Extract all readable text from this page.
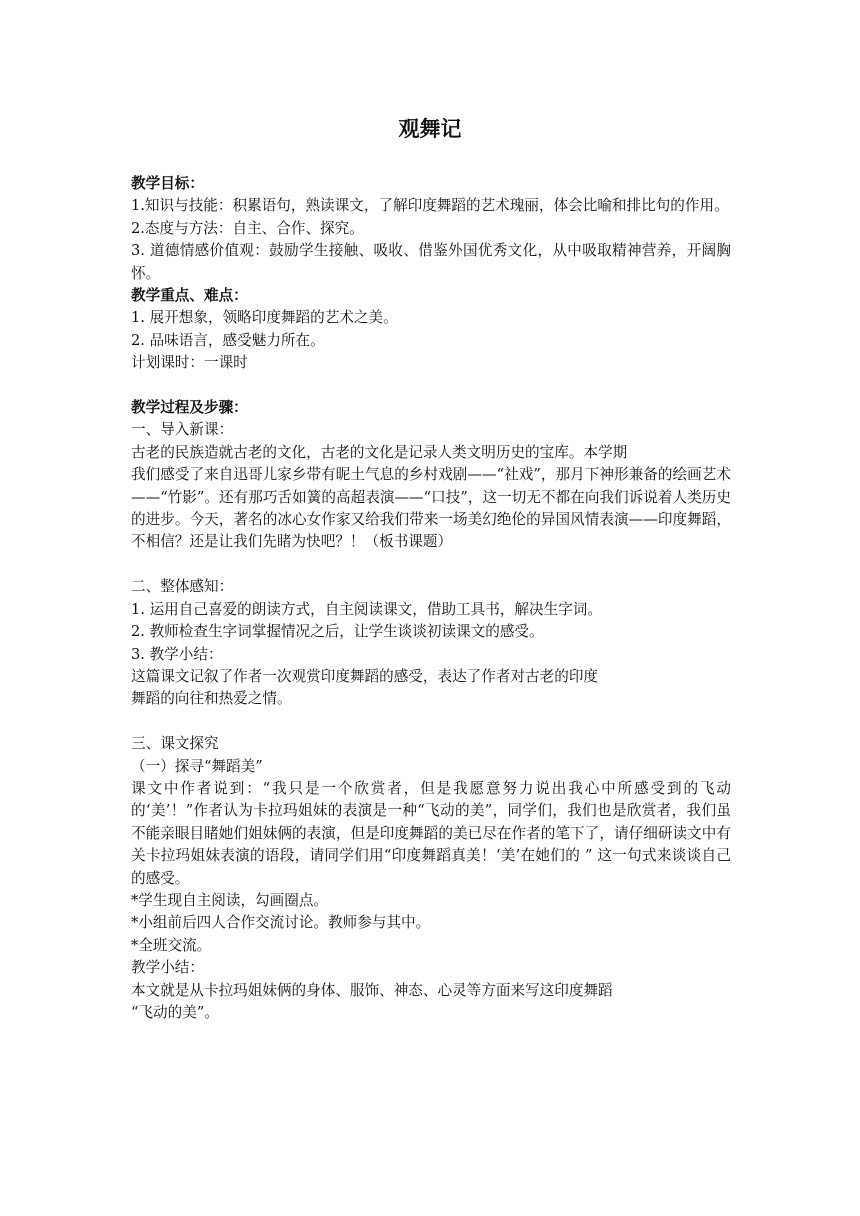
观舞记

教学目标：

1.知识与技能：积累语句，熟读课文，了解印度舞蹈的艺术瑰丽，体会比喻和排比句的作用。

2.态度与方法：自主、合作、探究。

3. 道德情感价值观：鼓励学生接触、吸收、借鉴外国优秀文化，从中吸取精神营养，开阔胸怀。

教学重点、难点：

1. 展开想象，领略印度舞蹈的艺术之美。

2. 品味语言，感受魅力所在。

计划课时：一课时

教学过程及步骤：

一、导入新课：

古老的民族造就古老的文化，古老的文化是记录人类文明历史的宝库。本学期

我们感受了来自迅哥儿家乡带有昵土气息的乡村戏剧——“社戏”，那月下神形兼备的绘画艺术——“竹影”。还有那巧舌如簧的高超表演——“口技”，这一切无不都在向我们诉说着人类历史的进步。今天，著名的冰心女作家又给我们带来一场美幻绝伦的异国风情表演——印度舞蹈，不相信？还是让我们先睹为快吧？！（板书课题）

二、整体感知：

1. 运用自己喜爱的朗读方式，自主阅读课文，借助工具书，解决生字词。

2. 教师检查生字词掌握情况之后，让学生谈谈初读课文的感受。

3. 教学小结：

这篇课文记叙了作者一次观赏印度舞蹈的感受，表达了作者对古老的印度

舞蹈的向往和热爱之情。

三、课文探究

（一）探寻“舞蹈美”

课文中作者说到：“我只是一个欣赏者，但是我愿意努力说出我心中所感受到的飞动的‘美’！”作者认为卡拉玛姐妹的表演是一种“飞动的美”，同学们，我们也是欣赏者，我们虽不能亲眼目睹她们姐妹俩的表演，但是印度舞蹈的美已尽在作者的笔下了，请仔细研读文中有关卡拉玛姐妹表演的语段，请同学们用“印度舞蹈真美！‘美’在她们的 ” 这一句式来谈谈自己的感受。

*学生现自主阅读，勾画圈点。

*小组前后四人合作交流讨论。教师参与其中。

*全班交流。

教学小结：

本文就是从卡拉玛姐妹俩的身体、服饰、神态、心灵等方面来写这印度舞蹈

“飞动的美”。
